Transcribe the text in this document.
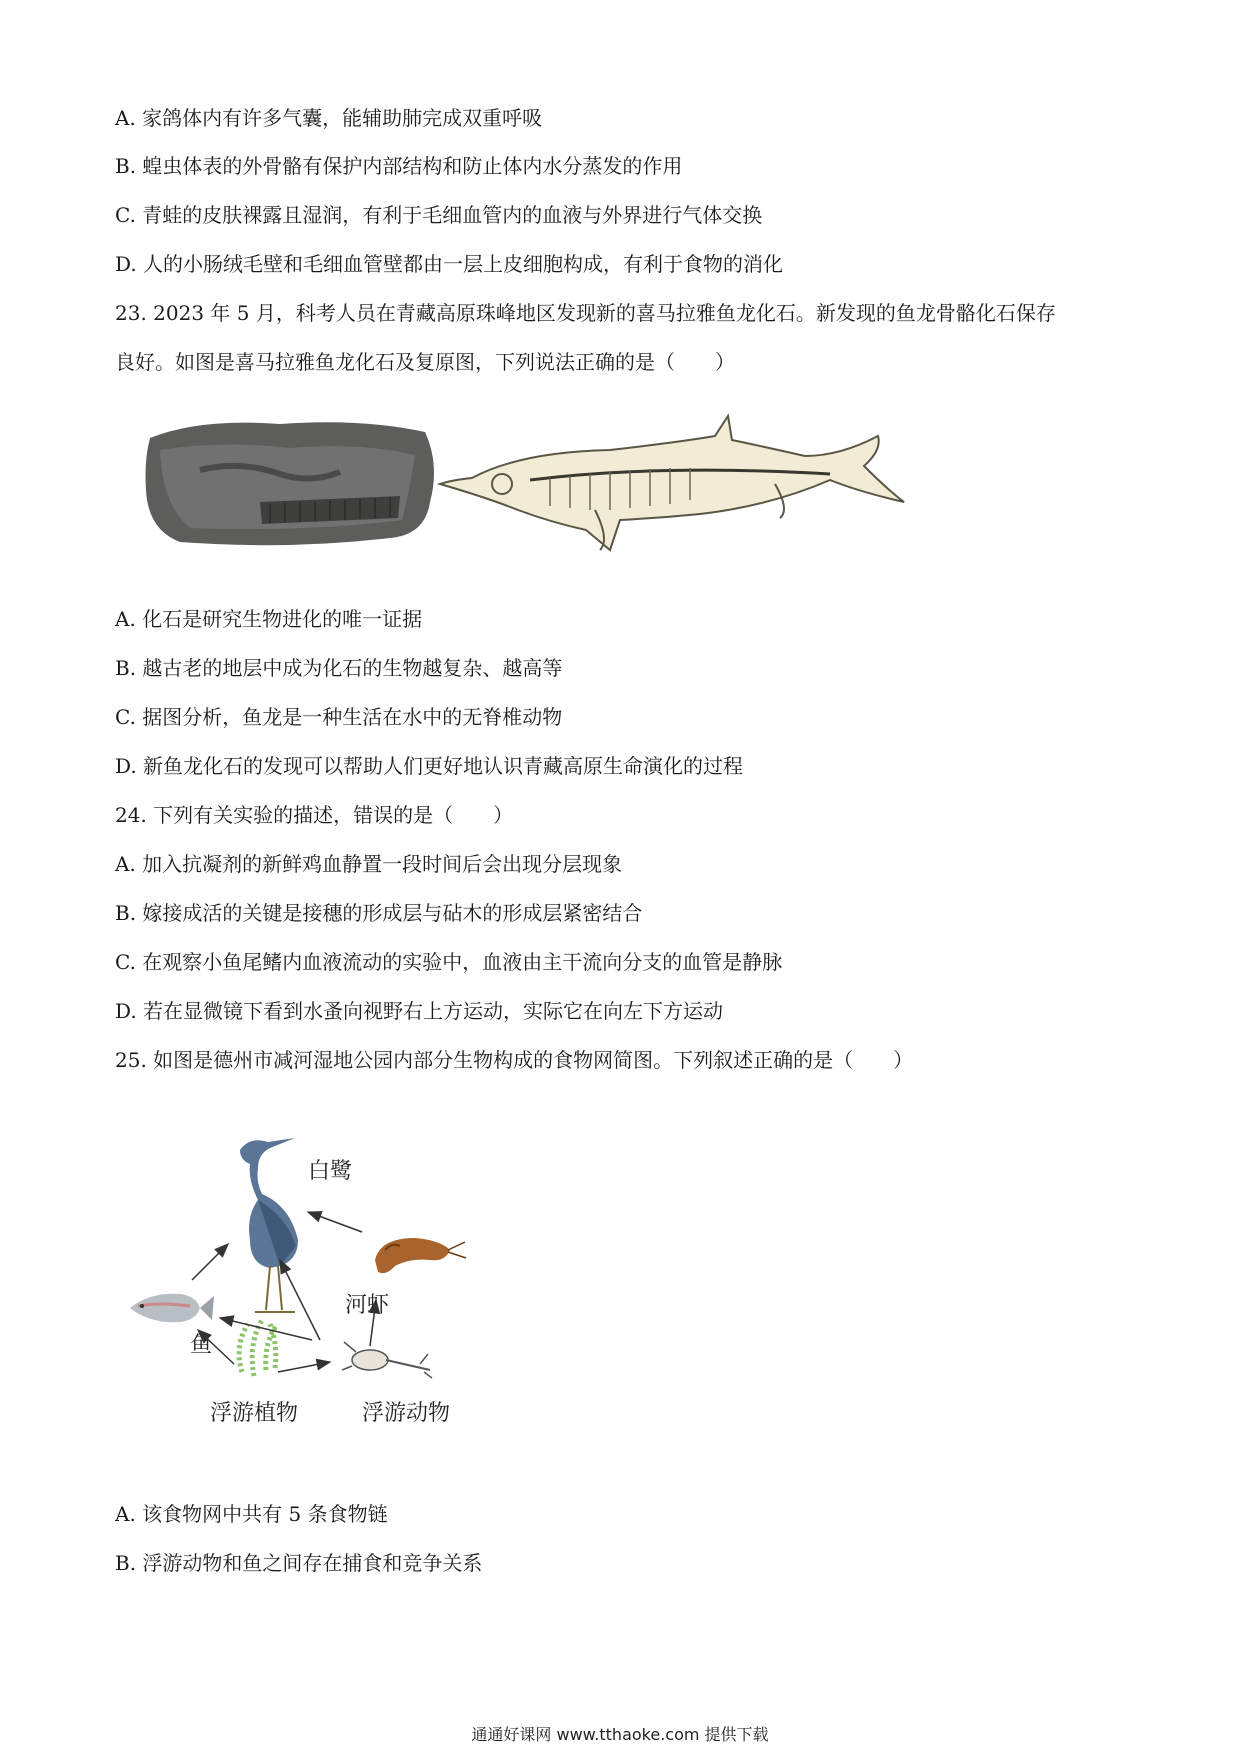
A. 家鸽体内有许多气囊，能辅助肺完成双重呼吸
B. 蝗虫体表的外骨骼有保护内部结构和防止体内水分蒸发的作用
C. 青蛙的皮肤裸露且湿润，有利于毛细血管内的血液与外界进行气体交换
D. 人的小肠绒毛壁和毛细血管壁都由一层上皮细胞构成，有利于食物的消化
23. 2023 年 5 月，科考人员在青藏高原珠峰地区发现新的喜马拉雅鱼龙化石。新发现的鱼龙骨骼化石保存
良好。如图是喜马拉雅鱼龙化石及复原图，下列说法正确的是（　　）
A. 化石是研究生物进化的唯一证据
B. 越古老的地层中成为化石的生物越复杂、越高等
C. 据图分析，鱼龙是一种生活在水中的无脊椎动物
D. 新鱼龙化石的发现可以帮助人们更好地认识青藏高原生命演化的过程
24. 下列有关实验的描述，错误的是（　　）
A. 加入抗凝剂的新鲜鸡血静置一段时间后会出现分层现象
B. 嫁接成活的关键是接穗的形成层与砧木的形成层紧密结合
C. 在观察小鱼尾鳍内血液流动的实验中，血液由主干流向分支的血管是静脉
D. 若在显微镜下看到水蚤向视野右上方运动，实际它在向左下方运动
25. 如图是德州市减河湿地公园内部分生物构成的食物网简图。下列叙述正确的是（　　）
白鹭
河虾
鱼
浮游植物	浮游动物
A. 该食物网中共有 5 条食物链
B. 浮游动物和鱼之间存在捕食和竞争关系
通通好课网 www.tthaoke.com 提供下载
